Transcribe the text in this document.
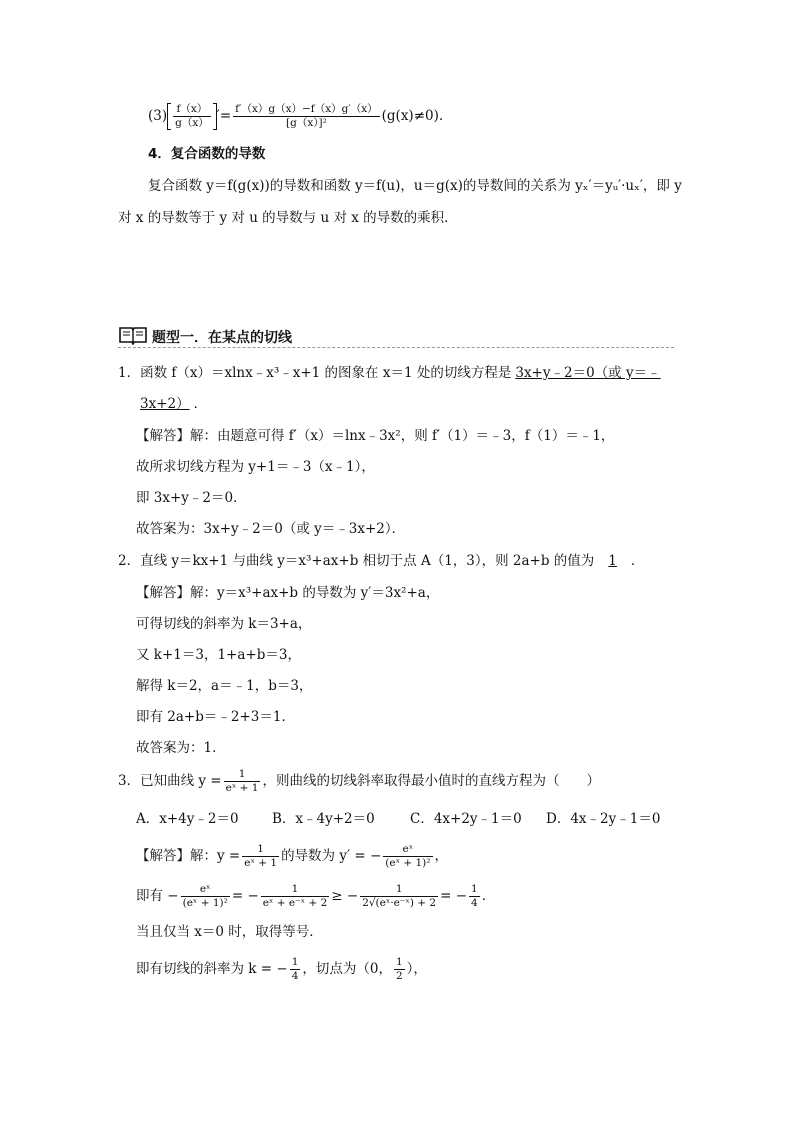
$(3) \frac{f(x)}{g(x)}$ ′= $\frac{f'(x)g(x)-f(x)g'(x)}{\text{[g（x）]²}} (g(x)\ne 0)$.
4．复合函数的导数
复合函数 y＝f(g(x))的导数和函数 y＝f(u)，u＝g(x)的导数间的关系为 yₓ′＝yᵤ′·uₓ′，即 y
对 x 的导数等于 y 对 u 的导数与 u 对 x 的导数的乘积．
题型一．在某点的切线
1．函数 f（x）＝xlnx﹣x³﹣x+1 的图象在 x＝1 处的切线方程是 3x+y﹣2＝0（或 y＝﹣
3x+2） ．
【解答】解：由题意可得 f′（x）＝lnx﹣3x²，则 f′（1）＝﹣3，f（1）＝﹣1，
故所求切线方程为 y+1＝﹣3（x﹣1），
即 3x+y﹣2＝0．
故答案为：3x+y﹣2＝0（或 y＝﹣3x+2）．
2．直线 y＝kx+1 与曲线 y＝x³+ax+b 相切于点 A（1，3），则 2a+b 的值为 1 ．
【解答】解：y＝x³+ax+b 的导数为 y′＝3x²+a，
可得切线的斜率为 k＝3+a，
又 k+1＝3，1+a+b＝3，
解得 k＝2，a＝﹣1，b＝3，
即有 2a+b＝﹣2+3＝1．
故答案为：1．
3．已知曲线 $y = \frac{1}{\text{eˣ + 1}}$ ，则曲线的切线斜率取得最小值时的直线方程为（　　）
A．x+4y﹣2＝0 B．x﹣4y+2＝0	C．4x+2y﹣1＝0 D．4x﹣2y﹣1＝0
【解答】解：$y = \frac{1}{\text{eˣ + 1}}$ 的导数为 y′ = − $\frac{\text{eˣ}}{\text{(eˣ + 1)²}}$ ，
即有 − $\frac{\text{eˣ}}{\text{(eˣ + 1)²}}$ = − $\frac{1}{\text{eˣ + e⁻ˣ + 2}}$ ≥ − $\frac{1}{\text{2√(eˣ·e⁻ˣ) + 2}}$ = − $\frac{1}{4}$ ．
当且仅当 x＝0 时，取得等号．
即有切线的斜率为 k = − $\frac{1}{4}$ ，切点为（0， $\frac{1}{2}$ ），
